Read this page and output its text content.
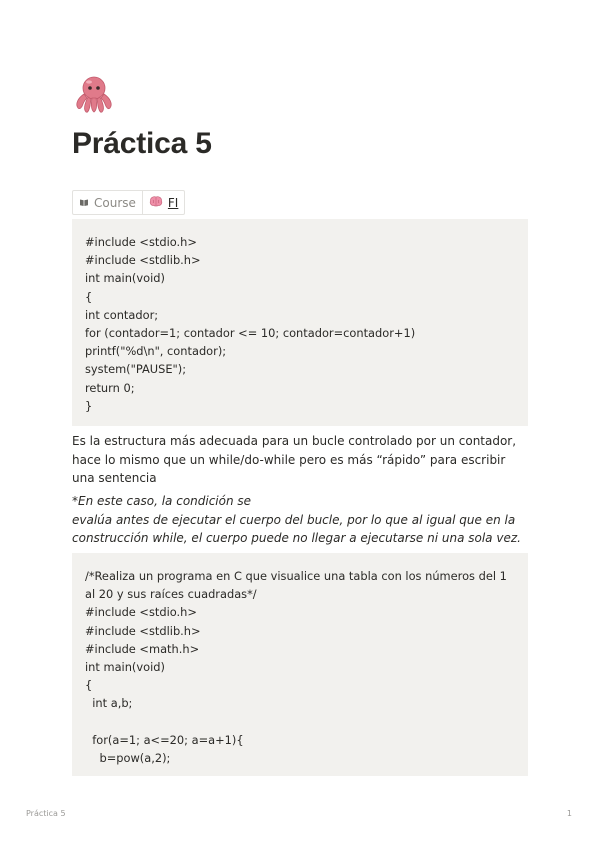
Práctica 5
Course	FI
#include <stdio.h>
#include <stdlib.h>
int main(void)
{
int contador;
for (contador=1; contador <= 10; contador=contador+1)
printf("%d\n", contador);
system("PAUSE");
return 0;
}

Es la estructura más adecuada para un bucle controlado por un contador, hace lo mismo que un while/do-while pero es más “rápido” para escribir una sentencia

*En este caso, la condición se
evalúa antes de ejecutar el cuerpo del bucle, por lo que al igual que en la construcción while, el cuerpo puede no llegar a ejecutarse ni una sola vez.

/*Realiza un programa en C que visualice una tabla con los números del 1 al 20 y sus raíces cuadradas*/
#include <stdio.h>
#include <stdlib.h>
#include <math.h>
int main(void)
{
int a,b;

for(a=1; a<=20; a=a+1){
b=pow(a,2);
Práctica 5	1
